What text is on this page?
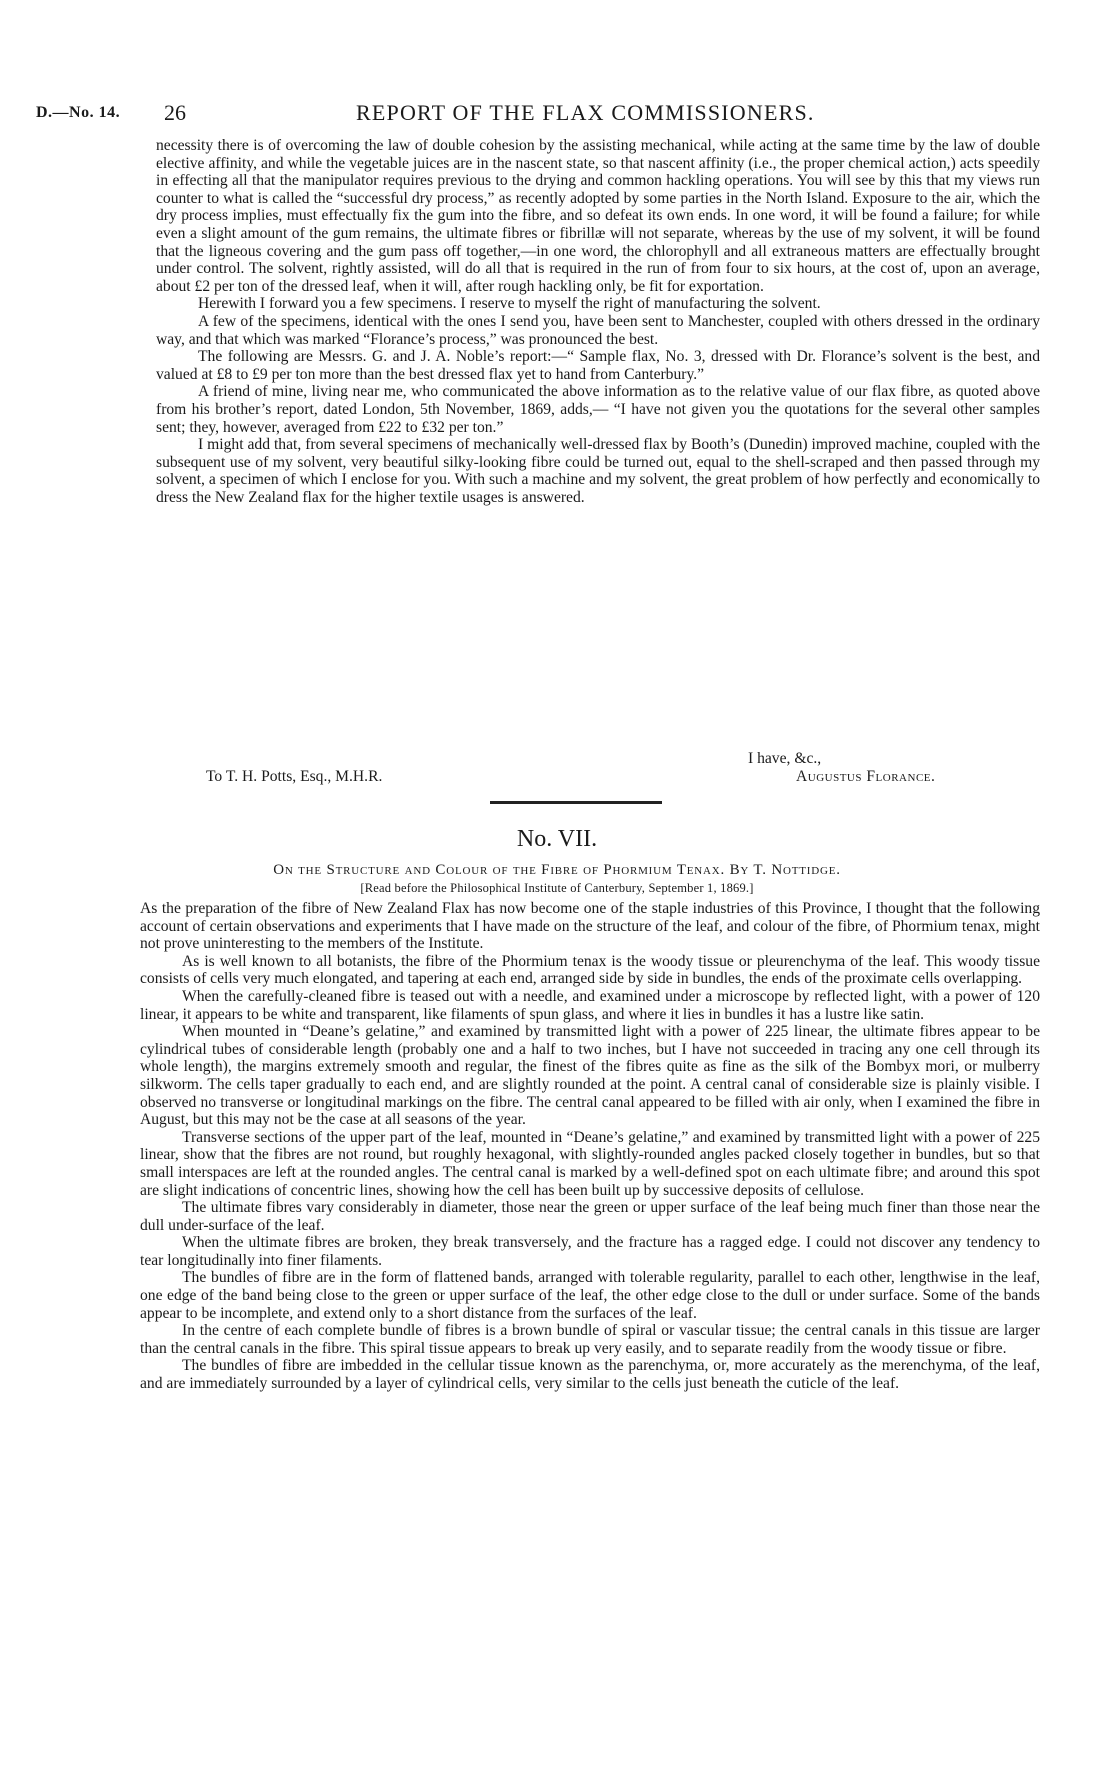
D.—No. 14. 26	REPORT OF THE FLAX COMMISSIONERS.

necessity there is of overcoming the law of double cohesion by the assisting mechanical, while acting at the same time by the law of double elective affinity, and while the vegetable juices are in the nascent state, so that nascent affinity (i.e., the proper chemical action,) acts speedily in effecting all that the manipulator requires previous to the drying and common hackling operations. You will see by this that my views run counter to what is called the “successful dry process,” as recently adopted by some parties in the North Island. Exposure to the air, which the dry process implies, must effectually fix the gum into the fibre, and so defeat its own ends. In one word, it will be found a failure; for while even a slight amount of the gum remains, the ultimate fibres or fibrillæ will not separate, whereas by the use of my solvent, it will be found that the ligneous covering and the gum pass off together,—in one word, the chlorophyll and all extraneous matters are effectually brought under control. The solvent, rightly assisted, will do all that is required in the run of from four to six hours, at the cost of, upon an average, about £2 per ton of the dressed leaf, when it will, after rough hackling only, be fit for exportation.

Herewith I forward you a few specimens. I reserve to myself the right of manufacturing the solvent.

A few of the specimens, identical with the ones I send you, have been sent to Manchester, coupled with others dressed in the ordinary way, and that which was marked “Florance’s process,” was pronounced the best.

The following are Messrs. G. and J. A. Noble’s report:—“ Sample flax, No. 3, dressed with Dr. Florance’s solvent is the best, and valued at £8 to £9 per ton more than the best dressed flax yet to hand from Canterbury.”

A friend of mine, living near me, who communicated the above information as to the relative value of our flax fibre, as quoted above from his brother’s report, dated London, 5th November, 1869, adds,— “I have not given you the quotations for the several other samples sent; they, however, averaged from £22 to £32 per ton.”

I might add that, from several specimens of mechanically well-dressed flax by Booth’s (Dunedin) improved machine, coupled with the subsequent use of my solvent, very beautiful silky-looking fibre could be turned out, equal to the shell-scraped and then passed through my solvent, a specimen of which I enclose for you. With such a machine and my solvent, the great problem of how perfectly and economically to dress the New Zealand flax for the higher textile usages is answered.

I have, &c.,
To T. H. Potts, Esq., M.H.R.	Augustus Florance.
No. VII.
On the Structure and Colour of the Fibre of Phormium Tenax. By T. Nottidge.
[Read before the Philosophical Institute of Canterbury, September 1, 1869.]

As the preparation of the fibre of New Zealand Flax has now become one of the staple industries of this Province, I thought that the following account of certain observations and experiments that I have made on the structure of the leaf, and colour of the fibre, of Phormium tenax, might not prove uninteresting to the members of the Institute.

As is well known to all botanists, the fibre of the Phormium tenax is the woody tissue or pleurenchyma of the leaf. This woody tissue consists of cells very much elongated, and tapering at each end, arranged side by side in bundles, the ends of the proximate cells overlapping.

When the carefully-cleaned fibre is teased out with a needle, and examined under a microscope by reflected light, with a power of 120 linear, it appears to be white and transparent, like filaments of spun glass, and where it lies in bundles it has a lustre like satin.

When mounted in “Deane’s gelatine,” and examined by transmitted light with a power of 225 linear, the ultimate fibres appear to be cylindrical tubes of considerable length (probably one and a half to two inches, but I have not succeeded in tracing any one cell through its whole length), the margins extremely smooth and regular, the finest of the fibres quite as fine as the silk of the Bombyx mori, or mulberry silkworm. The cells taper gradually to each end, and are slightly rounded at the point. A central canal of considerable size is plainly visible. I observed no transverse or longitudinal markings on the fibre. The central canal appeared to be filled with air only, when I examined the fibre in August, but this may not be the case at all seasons of the year.

Transverse sections of the upper part of the leaf, mounted in “Deane’s gelatine,” and examined by transmitted light with a power of 225 linear, show that the fibres are not round, but roughly hexagonal, with slightly-rounded angles packed closely together in bundles, but so that small interspaces are left at the rounded angles. The central canal is marked by a well-defined spot on each ultimate fibre; and around this spot are slight indications of concentric lines, showing how the cell has been built up by successive deposits of cellulose.

The ultimate fibres vary considerably in diameter, those near the green or upper surface of the leaf being much finer than those near the dull under-surface of the leaf.

When the ultimate fibres are broken, they break transversely, and the fracture has a ragged edge. I could not discover any tendency to tear longitudinally into finer filaments.

The bundles of fibre are in the form of flattened bands, arranged with tolerable regularity, parallel to each other, lengthwise in the leaf, one edge of the band being close to the green or upper surface of the leaf, the other edge close to the dull or under surface. Some of the bands appear to be incomplete, and extend only to a short distance from the surfaces of the leaf.

In the centre of each complete bundle of fibres is a brown bundle of spiral or vascular tissue; the central canals in this tissue are larger than the central canals in the fibre. This spiral tissue appears to break up very easily, and to separate readily from the woody tissue or fibre.

The bundles of fibre are imbedded in the cellular tissue known as the parenchyma, or, more accurately as the merenchyma, of the leaf, and are immediately surrounded by a layer of cylindrical cells, very similar to the cells just beneath the cuticle of the leaf.
